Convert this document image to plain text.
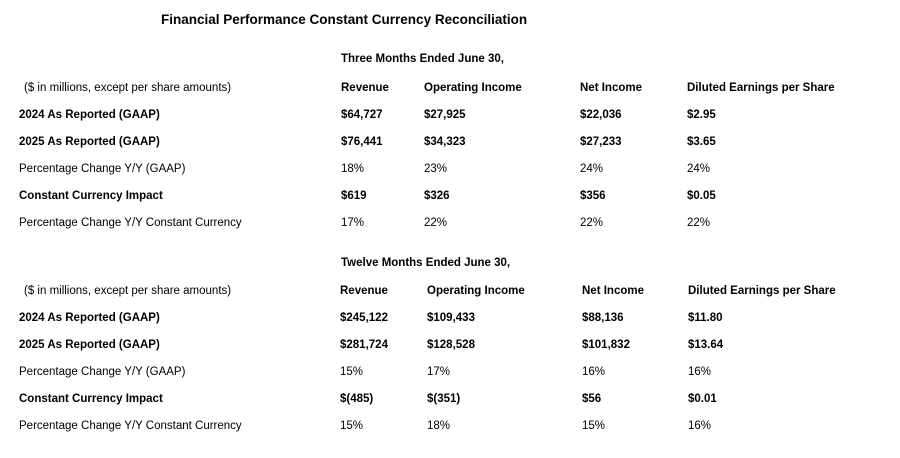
Financial Performance Constant Currency Reconciliation
Three Months Ended June 30,
($ in millions, except per share amounts)	Revenue	Operating Income	Net Income	Diluted Earnings per Share
2024 As Reported (GAAP)	$64,727	$27,925	$22,036	$2.95
2025 As Reported (GAAP)	$76,441	$34,323	$27,233	$3.65
Percentage Change Y/Y (GAAP)	18%	23%	24%	24%
Constant Currency Impact	$619	$326	$356	$0.05
Percentage Change Y/Y Constant Currency	17%	22%	22%	22%
Twelve Months Ended June 30,
($ in millions, except per share amounts)	Revenue	Operating Income	Net Income	Diluted Earnings per Share
2024 As Reported (GAAP)	$245,122	$109,433	$88,136	$11.80
2025 As Reported (GAAP)	$281,724	$128,528	$101,832	$13.64
Percentage Change Y/Y (GAAP)	15%	17%	16%	16%
Constant Currency Impact	$(485)	$(351)	$56	$0.01
Percentage Change Y/Y Constant Currency	15%	18%	15%	16%
